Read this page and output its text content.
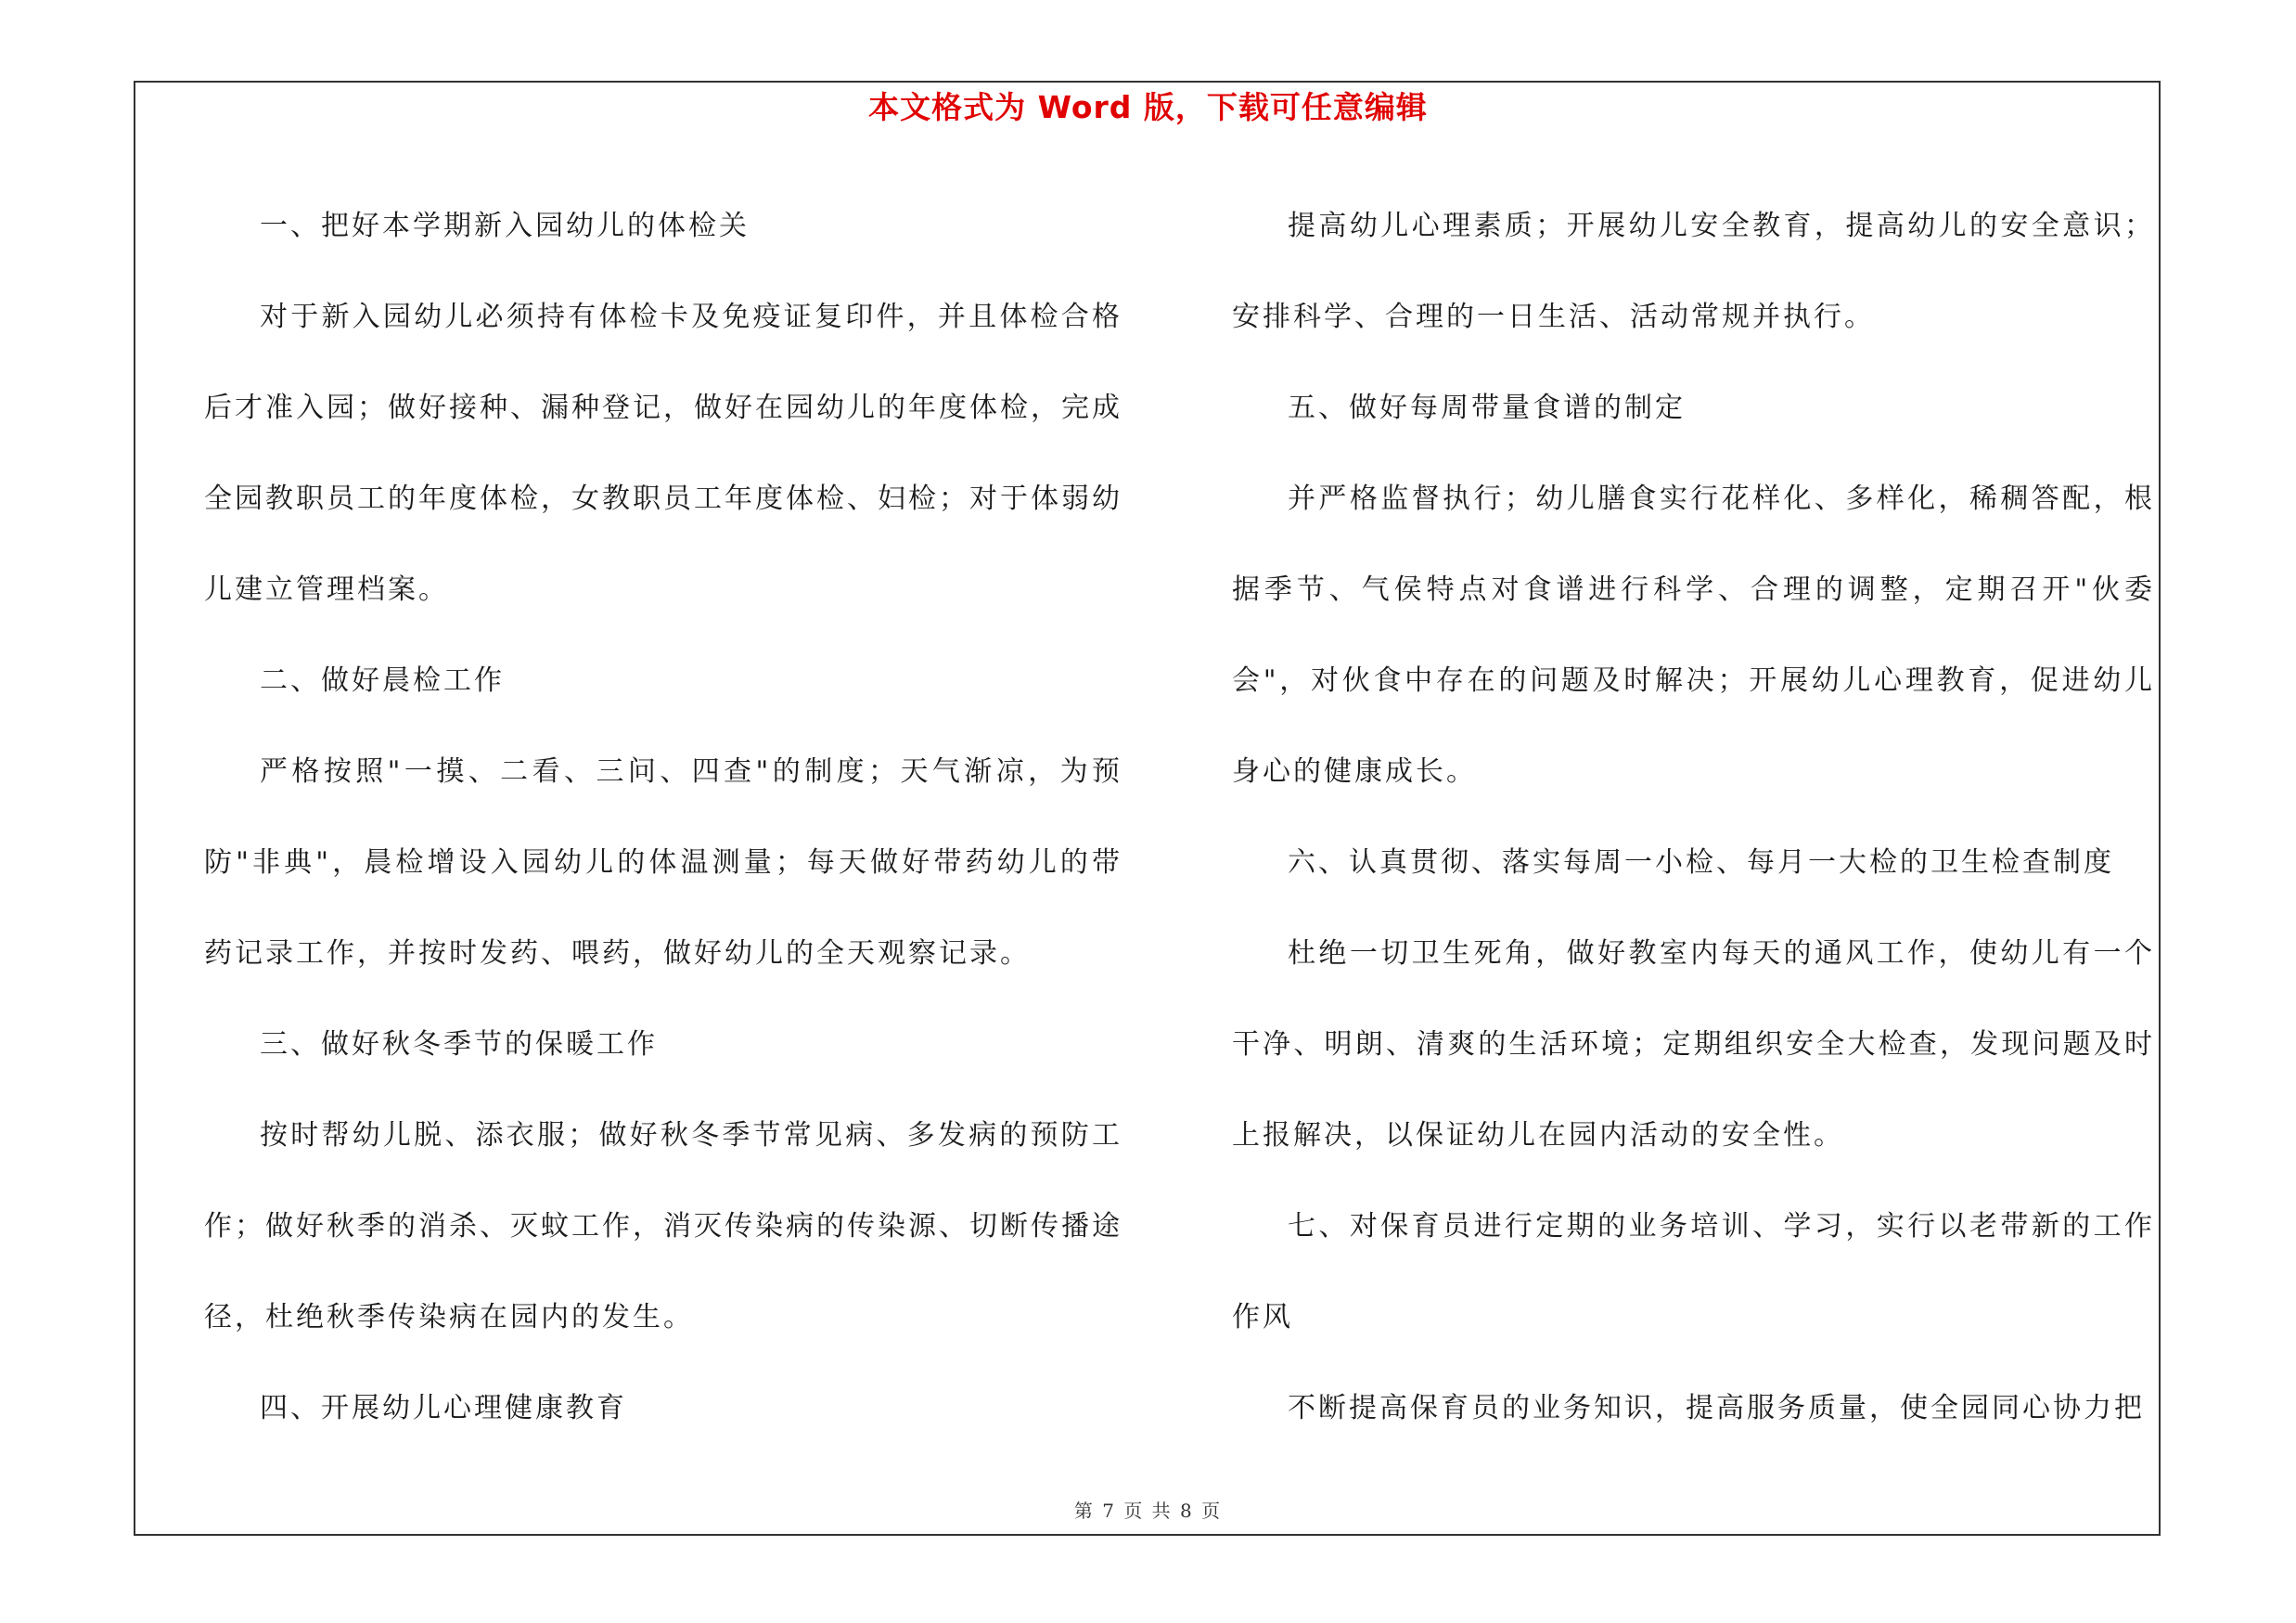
本文格式为 Word 版，下载可任意编辑

一、把好本学期新入园幼儿的体检关

对于新入园幼儿必须持有体检卡及免疫证复印件，并且体检合格后才准入园；做好接种、漏种登记，做好在园幼儿的年度体检，完成全园教职员工的年度体检，女教职员工年度体检、妇检；对于体弱幼儿建立管理档案。

二、做好晨检工作

严格按照"一摸、二看、三问、四查"的制度；天气渐凉，为预防"非典"，晨检增设入园幼儿的体温测量；每天做好带药幼儿的带药记录工作，并按时发药、喂药，做好幼儿的全天观察记录。

三、做好秋冬季节的保暖工作

按时帮幼儿脱、添衣服；做好秋冬季节常见病、多发病的预防工作；做好秋季的消杀、灭蚊工作，消灭传染病的传染源、切断传播途径，杜绝秋季传染病在园内的发生。

四、开展幼儿心理健康教育

提高幼儿心理素质；开展幼儿安全教育，提高幼儿的安全意识；安排科学、合理的一日生活、活动常规并执行。

五、做好每周带量食谱的制定

并严格监督执行；幼儿膳食实行花样化、多样化，稀稠答配，根据季节、气侯特点对食谱进行科学、合理的调整，定期召开"伙委会"，对伙食中存在的问题及时解决；开展幼儿心理教育，促进幼儿身心的健康成长。

六、认真贯彻、落实每周一小检、每月一大检的卫生检查制度

杜绝一切卫生死角，做好教室内每天的通风工作，使幼儿有一个干净、明朗、清爽的生活环境；定期组织安全大检查，发现问题及时上报解决，以保证幼儿在园内活动的安全性。

七、对保育员进行定期的业务培训、学习，实行以老带新的工作作风

不断提高保育员的业务知识，提高服务质量，使全园同心协力把

第 7 页 共 8 页
